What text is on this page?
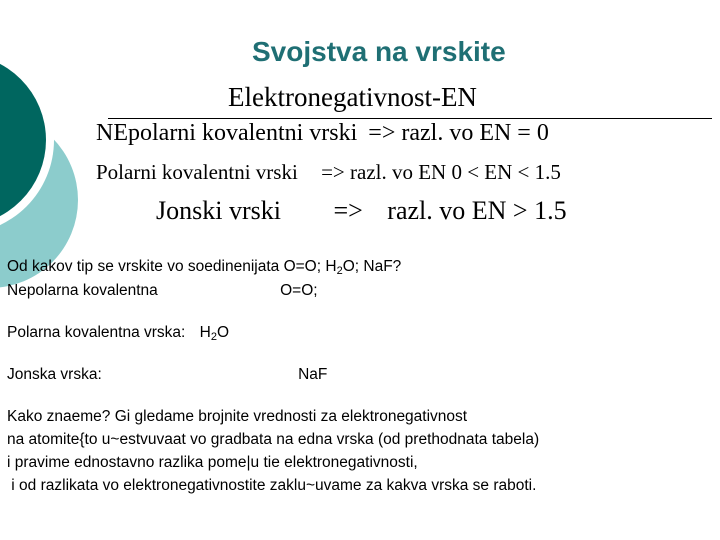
Svojstva na vrskite
Elektronegativnost-EN
NEpolarni kovalentni vrski => razl. vo EN = 0
Polarni kovalentni vrski => razl. vo EN 0 < EN < 1.5
Jonski vrski => razl. vo EN > 1.5
Od kakov tip se vrskite vo soedinenijata O=O; $H_2O$; NaF?
Nepolarna kovalentna	O=O;
Polarna kovalentna vrska: $H_2O$
Jonska vrska:	NaF
Kako znaeme? Gi gledame brojnite vrednosti za elektronegativnost
na atomite{to u~estvuvaat vo gradbata na edna vrska (od prethodnata tabela)
i pravime ednostavno razlika pome|u tie elektronegativnosti,
i od razlikata vo elektronegativnostite zaklu~uvame za kakva vrska se raboti.
